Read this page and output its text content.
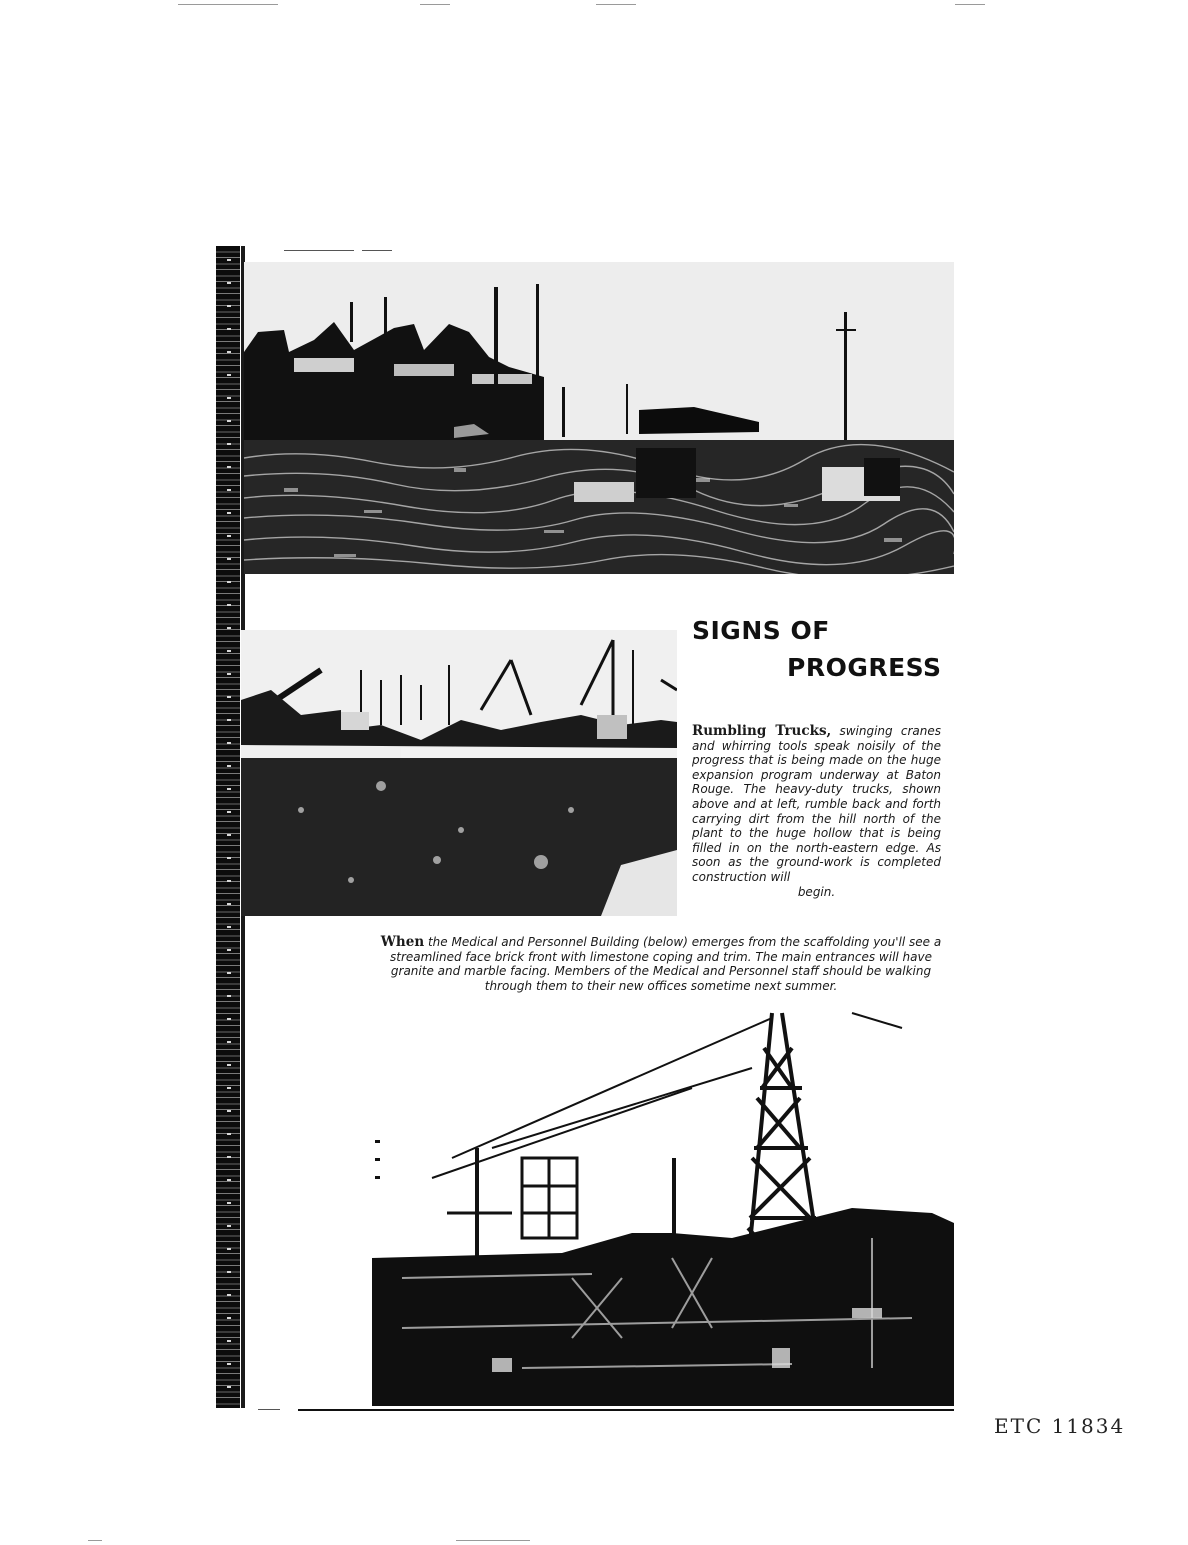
SIGNS OF
PROGRESS
Rumbling Trucks, swinging cranes and whirring tools speak noisily of the progress that is being made on the huge expansion program underway at Baton Rouge. The heavy-duty trucks, shown above and at left, rumble back and forth carrying dirt from the hill north of the plant to the huge hollow that is being filled in on the north-eastern edge. As soon as the ground-work is completed construction will
begin.
When the Medical and Personnel Building (below) emerges from the scaffolding you'll see a streamlined face brick front with limestone coping and trim. The main entrances will have granite and marble facing. Members of the Medical and Personnel staff should be walking through them to their new offices sometime next summer.
ETC 11834
